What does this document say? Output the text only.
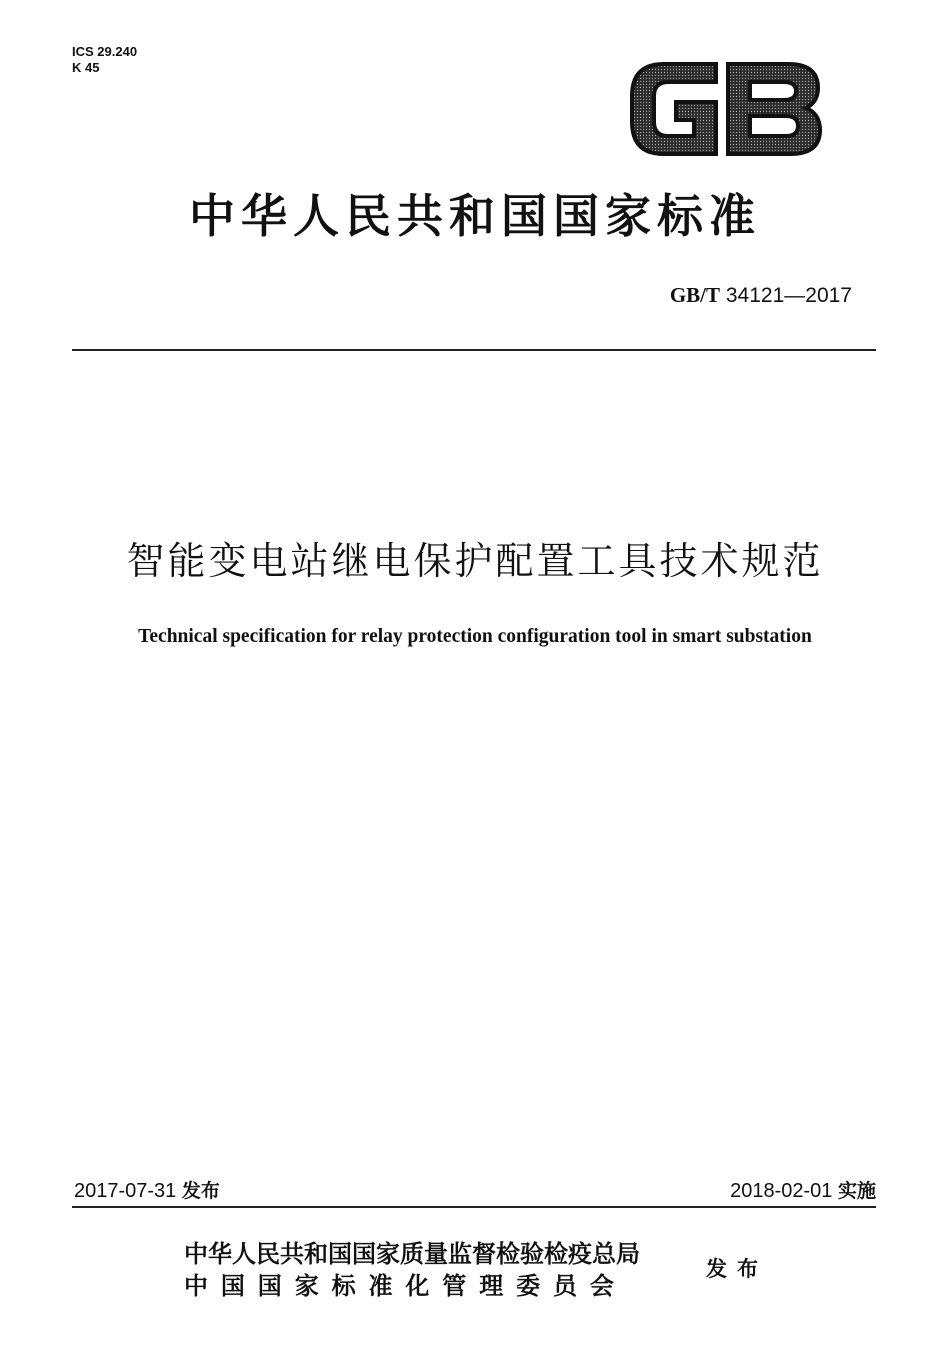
ICS 29.240
K 45
中华人民共和国国家标准
GB/T 34121—2017
智能变电站继电保护配置工具技术规范
Technical specification for relay protection configuration tool in smart substation
2017-07-31 发布	2018-02-01 实施
中华人民共和国国家质量监督检验检疫总局
中国国家标准化管理委员会
发布
